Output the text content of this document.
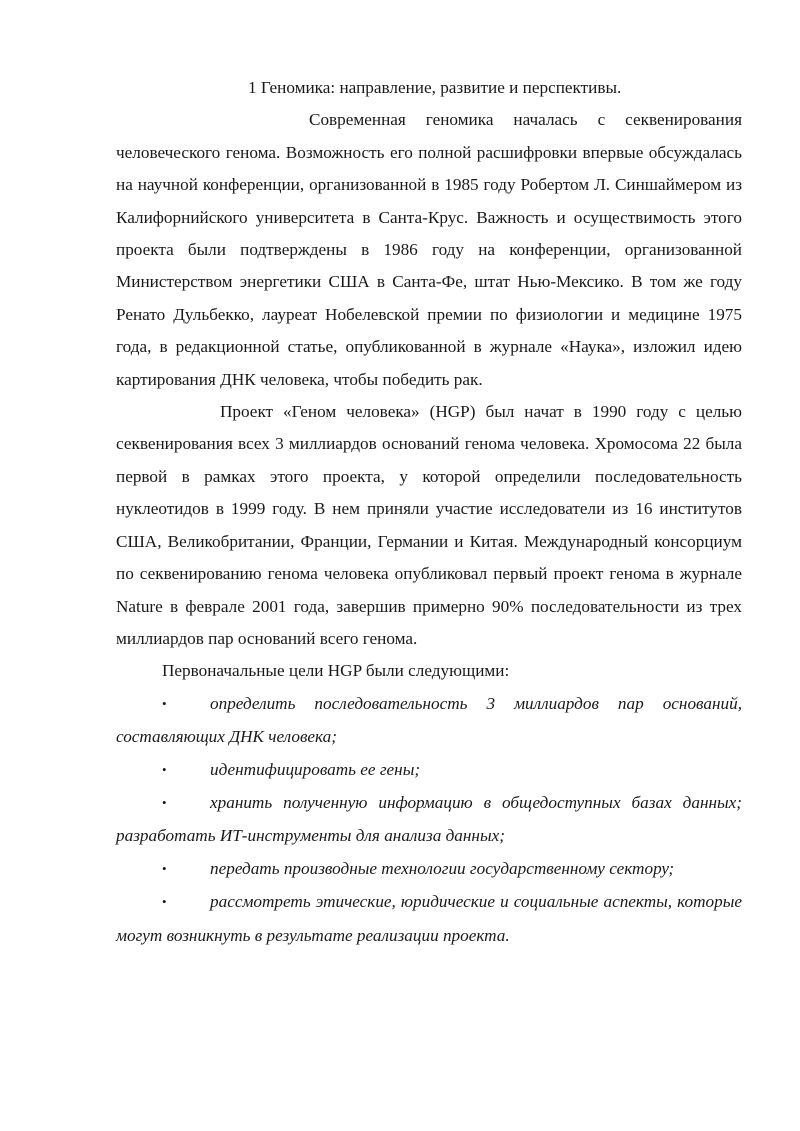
1 Геномика: направление, развитие и перспективы.

Современная геномика началась с секвенирования человеческого генома. Возможность его полной расшифровки впервые обсуждалась на научной конференции, организованной в 1985 году Робертом Л. Синшаймером из Калифорнийского университета в Санта-Крус. Важность и осуществимость этого проекта были подтверждены в 1986 году на конференции, организованной Министерством энергетики США в Санта-Фе, штат Нью-Мексико. В том же году Ренато Дульбекко, лауреат Нобелевской премии по физиологии и медицине 1975 года, в редакционной статье, опубликованной в журнале «Наука», изложил идею картирования ДНК человека, чтобы победить рак.

Проект «Геном человека» (HGP) был начат в 1990 году с целью секвенирования всех 3 миллиардов оснований генома человека. Хромосома 22 была первой в рамках этого проекта, у которой определили последовательность нуклеотидов в 1999 году. В нем приняли участие исследователи из 16 институтов США, Великобритании, Франции, Германии и Китая. Международный консорциум по секвенированию генома человека опубликовал первый проект генома в журнале Nature в феврале 2001 года, завершив примерно 90% последовательности из трех миллиардов пар оснований всего генома.

Первоначальные цели HGP были следующими:

•	определить последовательность 3 миллиардов пар оснований, составляющих ДНК человека;
•	идентифицировать ее гены;
•	хранить полученную информацию в общедоступных базах данных; разработать ИТ-инструменты для анализа данных;
•	передать производные технологии государственному сектору;
•	рассмотреть этические, юридические и социальные аспекты, которые могут возникнуть в результате реализации проекта.
